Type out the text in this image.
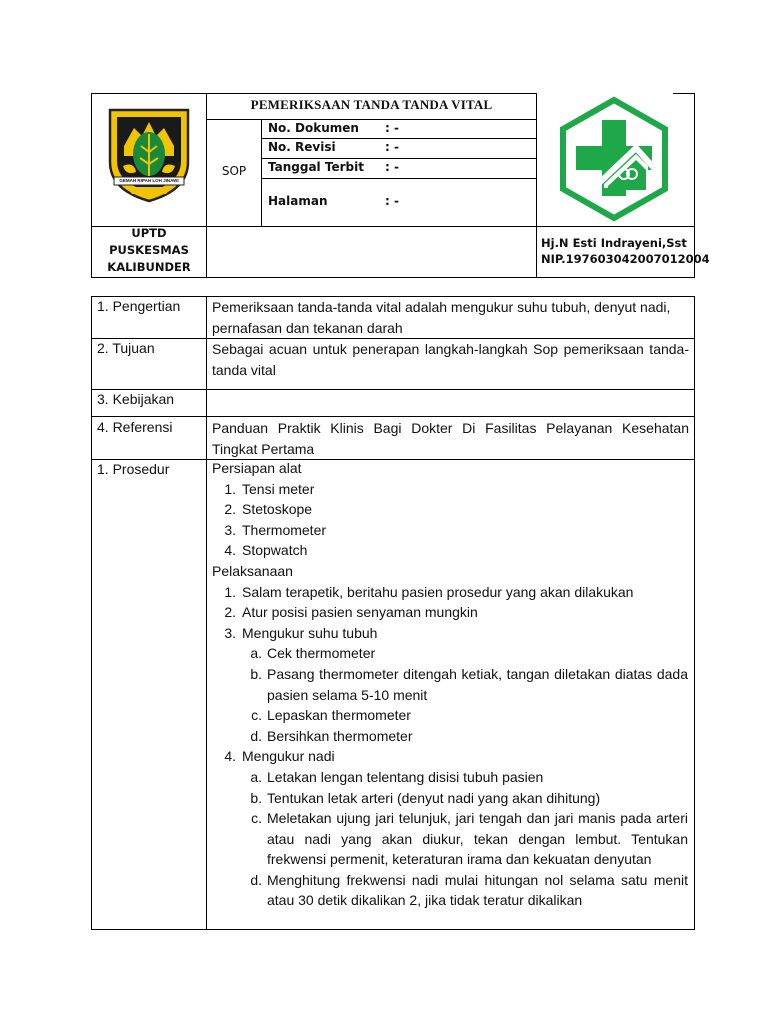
GEMAH RIPAH LOH JINAWI
PEMERIKSAAN TANDA TANDA VITAL
SOP
No. Dokumen : -
No. Revisi	: -
Tanggal Terbit : -
Halaman	: -
UPTD
PUSKESMAS
KALIBUNDER
Hj.N Esti Indrayeni,Sst
NIP.197603042007012004
1. Pengertian
2. Tujuan
3. Kebijakan
4. Referensi
1. Prosedur
Pemeriksaan tanda-tanda vital adalah mengukur suhu tubuh, denyut nadi, pernafasan dan tekanan darah
Sebagai acuan untuk penerapan langkah-langkah Sop pemeriksaan tanda-tanda vital
Panduan Praktik Klinis Bagi Dokter Di Fasilitas Pelayanan Kesehatan Tingkat Pertama
Persiapan alat
1. Tensi meter
2. Stetoskope
3. Thermometer
4. Stopwatch
Pelaksanaan
1. Salam terapetik, beritahu pasien prosedur yang akan dilakukan
2. Atur posisi pasien senyaman mungkin
3. Mengukur suhu tubuh
a. Cek thermometer
b. Pasang thermometer ditengah ketiak, tangan diletakan diatas dada pasien selama 5-10 menit
c. Lepaskan thermometer
d. Bersihkan thermometer
4. Mengukur nadi
a. Letakan lengan telentang disisi tubuh pasien
b. Tentukan letak arteri (denyut nadi yang akan dihitung)
c. Meletakan ujung jari telunjuk, jari tengah dan jari manis pada arteri atau nadi yang akan diukur, tekan dengan lembut. Tentukan frekwensi permenit, keteraturan irama dan kekuatan denyutan
d. Menghitung frekwensi nadi mulai hitungan nol selama satu menit atau 30 detik dikalikan 2, jika tidak teratur dikalikan
